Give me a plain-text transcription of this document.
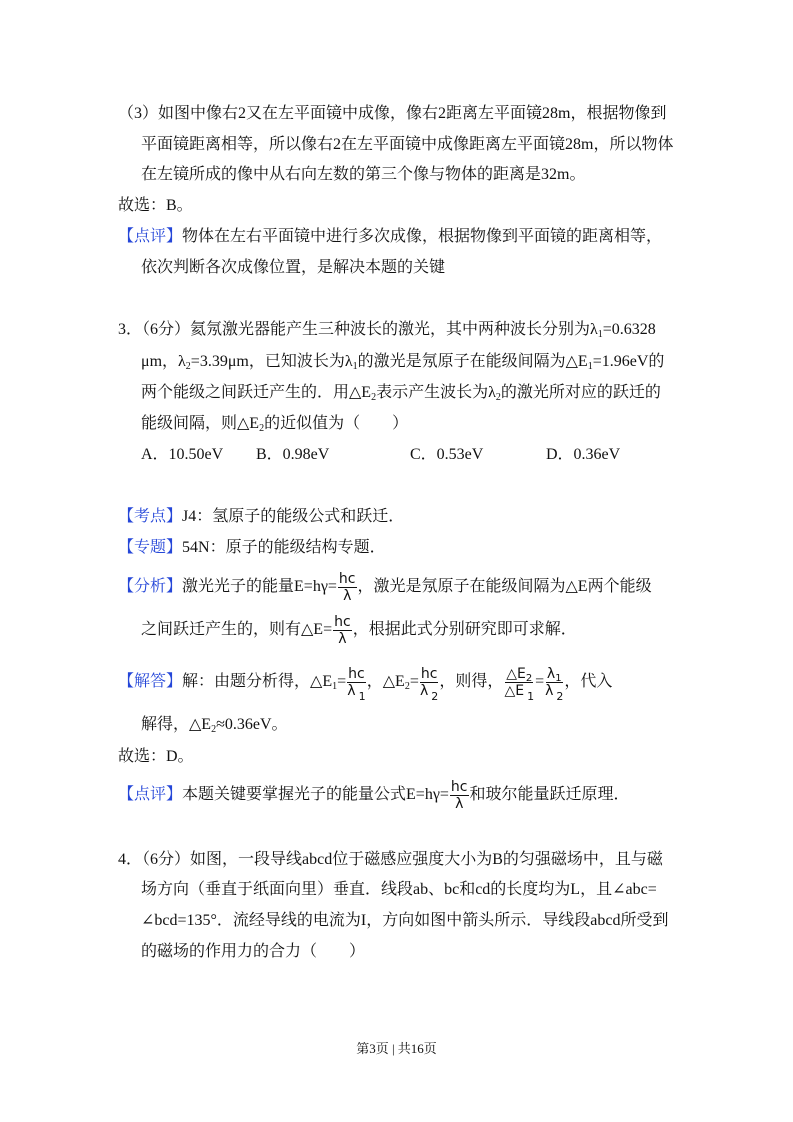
（3）如图中像右2又在左平面镜中成像，像右2距离左平面镜28m，根据物像到
平面镜距离相等，所以像右2在左平面镜中成像距离左平面镜28m，所以物体
在左镜所成的像中从右向左数的第三个像与物体的距离是32m。
故选：B。
【点评】物体在左右平面镜中进行多次成像，根据物像到平面镜的距离相等，
依次判断各次成像位置，是解决本题的关键
3．（6分）氦氖激光器能产生三种波长的激光，其中两种波长分别为$\lambda_1=0.6328$
μm，$\lambda_2=3.39\mu m$，已知波长为$\lambda_1$的激光是氖原子在能级间隔为$\triangle E_1=1.96eV$的
两个能级之间跃迁产生的．用$\triangle E_2$表示产生波长为$\lambda_2$的激光所对应的跃迁的
能级间隔，则$\triangle E_2$的近似值为（　　）
A．10.50eV B．0.98eV	C．0.53eV	D．0.36eV
【考点】J4：氢原子的能级公式和跃迁．
【专题】54N：原子的能级结构专题．
【分析】激光光子的能量$E=h\gamma= \frac{hc}{\lambda}$ ，激光是氖原子在能级间隔为△E两个能级
之间跃迁产生的，则有△E= $\frac{hc}{\lambda}$ ，根据此式分别研究即可求解．
【解答】解：由题分析得，$\triangle E_1= \frac{hc}{\lambda _1}$ ，$\triangle E_2= \frac{hc}{\lambda _2}$ ，则得， $\frac{\triangle E_2}{\triangle E _1} = \frac{\lambda_1}{\lambda _2}$ ，代入
解得，$\triangle E_2\approx 0.36eV$。
故选：D。
【点评】本题关键要掌握光子的能量公式$E=h\gamma= \frac{hc}{\lambda}$ 和玻尔能量跃迁原理．
4．（6分）如图，一段导线abcd位于磁感应强度大小为B的匀强磁场中，且与磁
场方向（垂直于纸面向里）垂直．线段ab、bc和cd的长度均为L，且∠abc=
∠bcd=135°．流经导线的电流为I，方向如图中箭头所示．导线段abcd所受到
的磁场的作用力的合力（　　）
第3页 | 共16页
